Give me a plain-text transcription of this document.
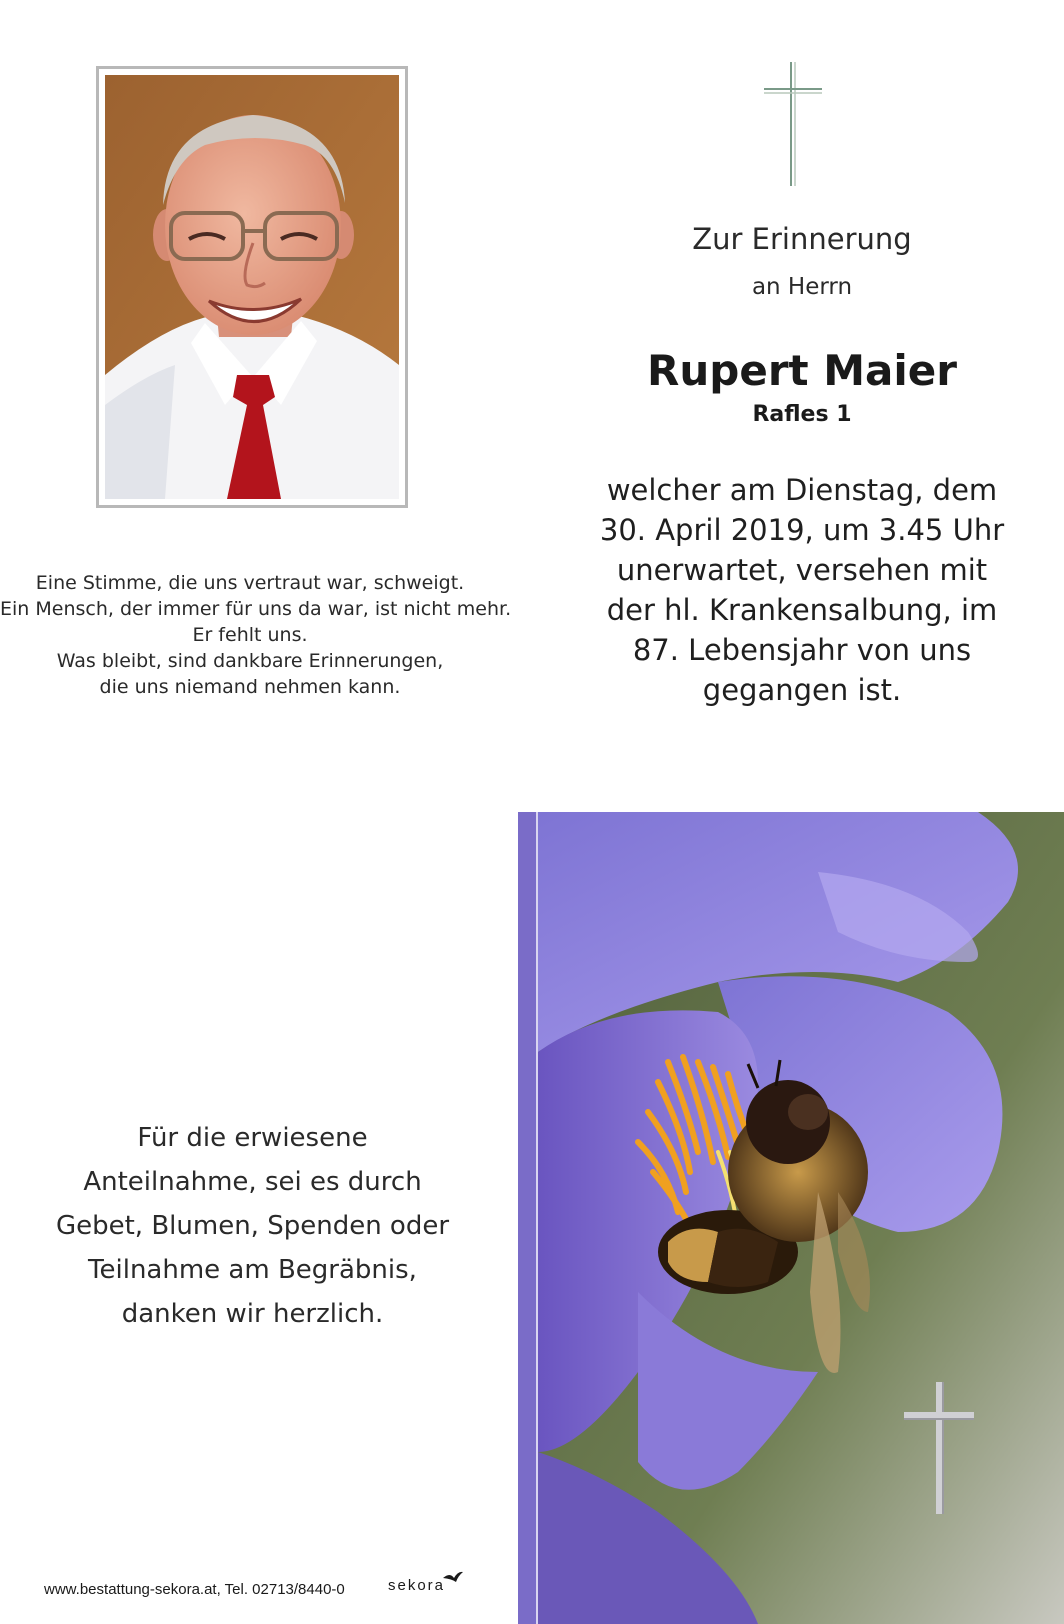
Eine Stimme, die uns vertraut war, schweigt.
Ein Mensch, der immer für uns da war, ist nicht mehr.
Er fehlt uns.
Was bleibt, sind dankbare Erinnerungen,
die uns niemand nehmen kann.
Zur Erinnerung
an Herrn
Rupert Maier
Rafles 1
welcher am Dienstag, dem
30. April 2019, um 3.45 Uhr
unerwartet, versehen mit
der hl. Krankensalbung, im
87. Lebensjahr von uns
gegangen ist.
Für die erwiesene
Anteilnahme, sei es durch
Gebet, Blumen, Spenden oder
Teilnahme am Begräbnis,
danken wir herzlich.
www.bestattung-sekora.at, Tel. 02713/8440-0	sekora
